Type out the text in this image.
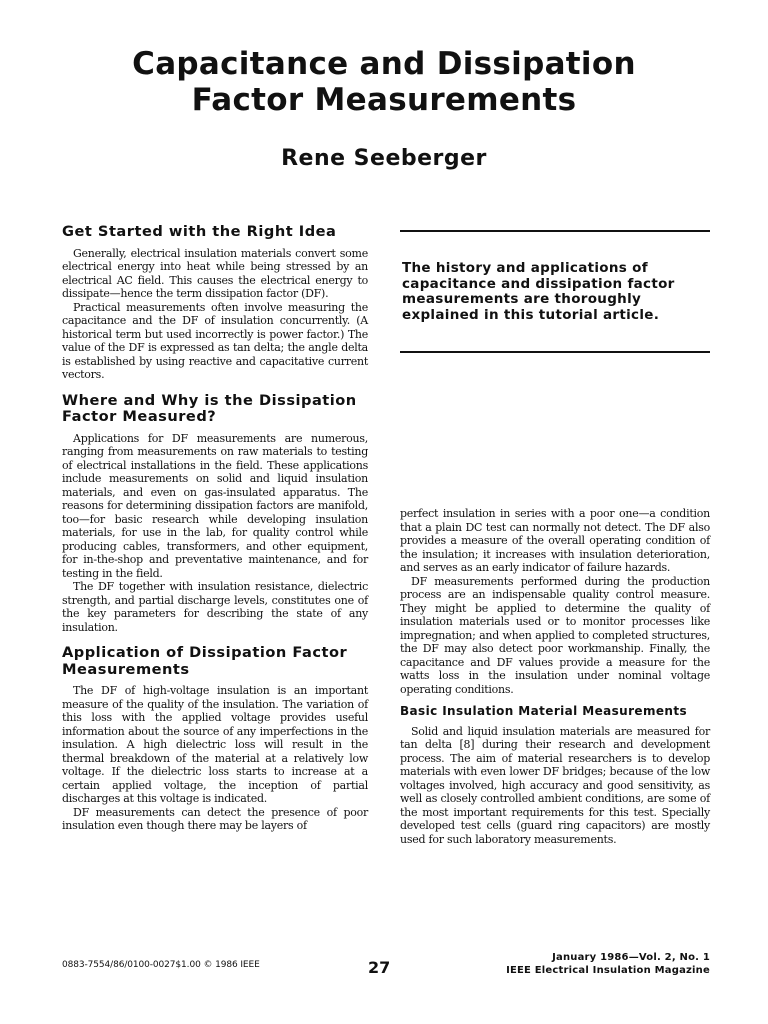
Capacitance and Dissipation
Factor Measurements
Rene Seeberger
Get Started with the Right Idea

Generally, electrical insulation materials convert some electrical energy into heat while being stressed by an electrical AC field. This causes the electrical energy to dissipate—hence the term dissipation factor (DF).

Practical measurements often involve measuring the capacitance and the DF of insulation concurrently. (A historical term but used incorrectly is power factor.) The value of the DF is expressed as tan delta; the angle delta is established by using reactive and capacitative current vectors.

Where and Why is the Dissipation Factor Measured?

Applications for DF measurements are numerous, ranging from measurements on raw materials to testing of electrical installations in the field. These applications include measurements on solid and liquid insulation materials, and even on gas-insulated apparatus. The reasons for determining dissipation factors are manifold, too—for basic research while developing insulation materials, for use in the lab, for quality control while producing cables, transformers, and other equipment, for in-the-shop and preventative maintenance, and for testing in the field.

The DF together with insulation resistance, dielectric strength, and partial discharge levels, constitutes one of the key parameters for describing the state of any insulation.

Application of Dissipation Factor Measurements

The DF of high-voltage insulation is an important measure of the quality of the insulation. The variation of this loss with the applied voltage provides useful information about the source of any imperfections in the insulation. A high dielectric loss will result in the thermal breakdown of the material at a relatively low voltage. If the dielectric loss starts to increase at a certain applied voltage, the inception of partial discharges at this voltage is indicated.

DF measurements can detect the presence of poor insulation even though there may be layers of

The history and applications of capacitance and dissipation factor measurements are thoroughly explained in this tutorial article.

perfect insulation in series with a poor one—a condition that a plain DC test can normally not detect. The DF also provides a measure of the overall operating condition of the insulation; it increases with insulation deterioration, and serves as an early indicator of failure hazards.

DF measurements performed during the production process are an indispensable quality control measure. They might be applied to determine the quality of insulation materials used or to monitor processes like impregnation; and when applied to completed structures, the DF may also detect poor workmanship. Finally, the capacitance and DF values provide a measure for the watts loss in the insulation under nominal voltage operating conditions.

Basic Insulation Material Measurements

Solid and liquid insulation materials are measured for tan delta [8] during their research and development process. The aim of material researchers is to develop materials with even lower DF bridges; because of the low voltages involved, high accuracy and good sensitivity, as well as closely controlled ambient conditions, are some of the most important requirements for this test. Specially developed test cells (guard ring capacitors) are mostly used for such laboratory measurements.

0883-7554/86/0100-0027$1.00 © 1986 IEEE	27
January 1986—Vol. 2, No. 1
IEEE Electrical Insulation Magazine
